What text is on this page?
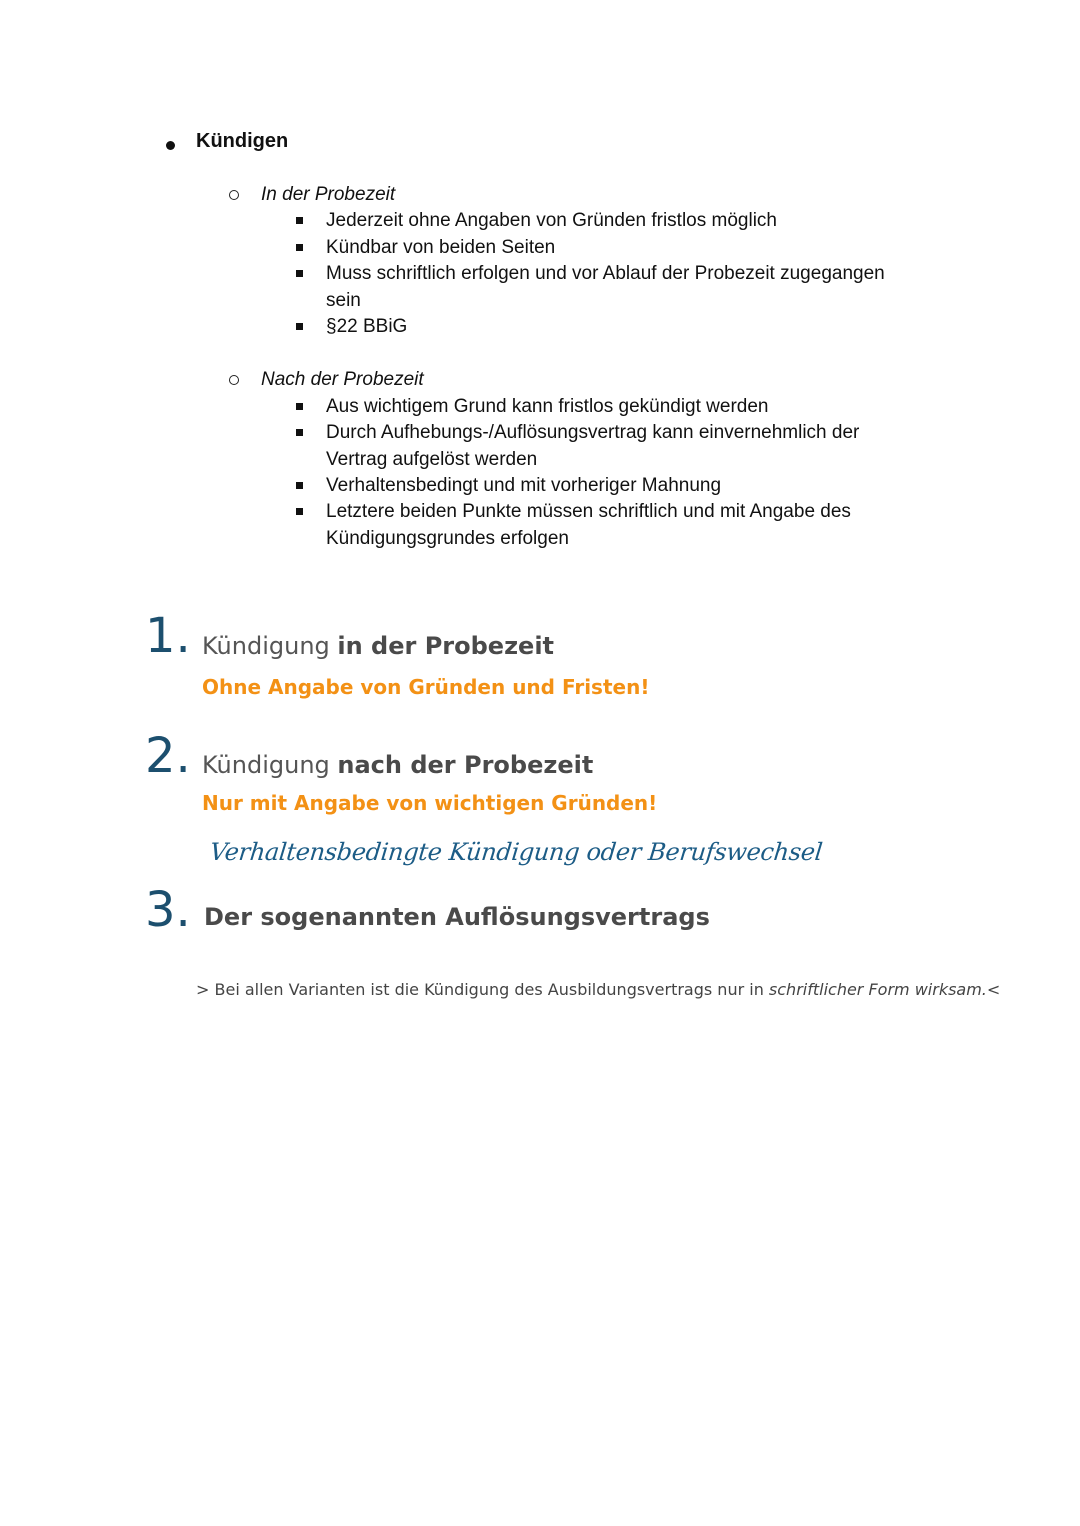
Kündigen
In der Probezeit
Jederzeit ohne Angaben von Gründen fristlos möglich
Kündbar von beiden Seiten
Muss schriftlich erfolgen und vor Ablauf der Probezeit zugegangen
sein
§22 BBiG
Nach der Probezeit
Aus wichtigem Grund kann fristlos gekündigt werden
Durch Aufhebungs-/Auflösungsvertrag kann einvernehmlich der
Vertrag aufgelöst werden
Verhaltensbedingt und mit vorheriger Mahnung
Letztere beiden Punkte müssen schriftlich und mit Angabe des
Kündigungsgrundes erfolgen
1. Kündigung in der Probezeit
Ohne Angabe von Gründen und Fristen!
2. Kündigung nach der Probezeit
Nur mit Angabe von wichtigen Gründen!
Verhaltensbedingte Kündigung oder Berufswechsel
3. Der sogenannten Auflösungsvertrags
> Bei allen Varianten ist die Kündigung des Ausbildungsvertrags nur in schriftlicher Form wirksam.<
